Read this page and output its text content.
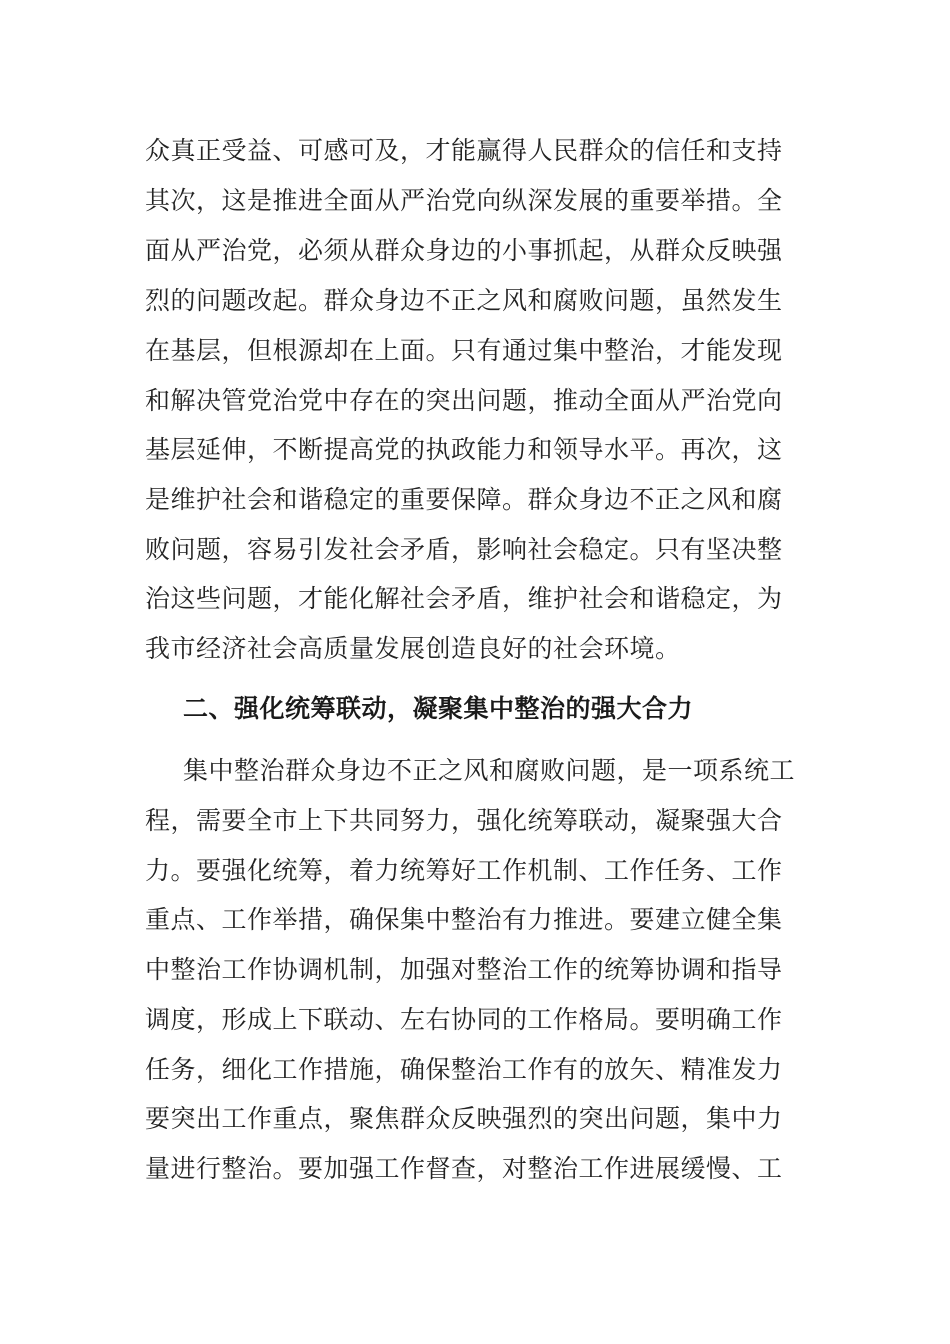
众真正受益、可感可及，才能赢得人民群众的信任和支持
其次，这是推进全面从严治党向纵深发展的重要举措。全
面从严治党，必须从群众身边的小事抓起，从群众反映强
烈的问题改起。群众身边不正之风和腐败问题，虽然发生
在基层，但根源却在上面。只有通过集中整治，才能发现
和解决管党治党中存在的突出问题，推动全面从严治党向
基层延伸，不断提高党的执政能力和领导水平。再次，这
是维护社会和谐稳定的重要保障。群众身边不正之风和腐
败问题，容易引发社会矛盾，影响社会稳定。只有坚决整
治这些问题，才能化解社会矛盾，维护社会和谐稳定，为
我市经济社会高质量发展创造良好的社会环境。
二、强化统筹联动，凝聚集中整治的强大合力
集中整治群众身边不正之风和腐败问题，是一项系统工
程，需要全市上下共同努力，强化统筹联动，凝聚强大合
力。要强化统筹，着力统筹好工作机制、工作任务、工作
重点、工作举措，确保集中整治有力推进。要建立健全集
中整治工作协调机制，加强对整治工作的统筹协调和指导
调度，形成上下联动、左右协同的工作格局。要明确工作
任务，细化工作措施，确保整治工作有的放矢、精准发力
要突出工作重点，聚焦群众反映强烈的突出问题，集中力
量进行整治。要加强工作督查，对整治工作进展缓慢、工
